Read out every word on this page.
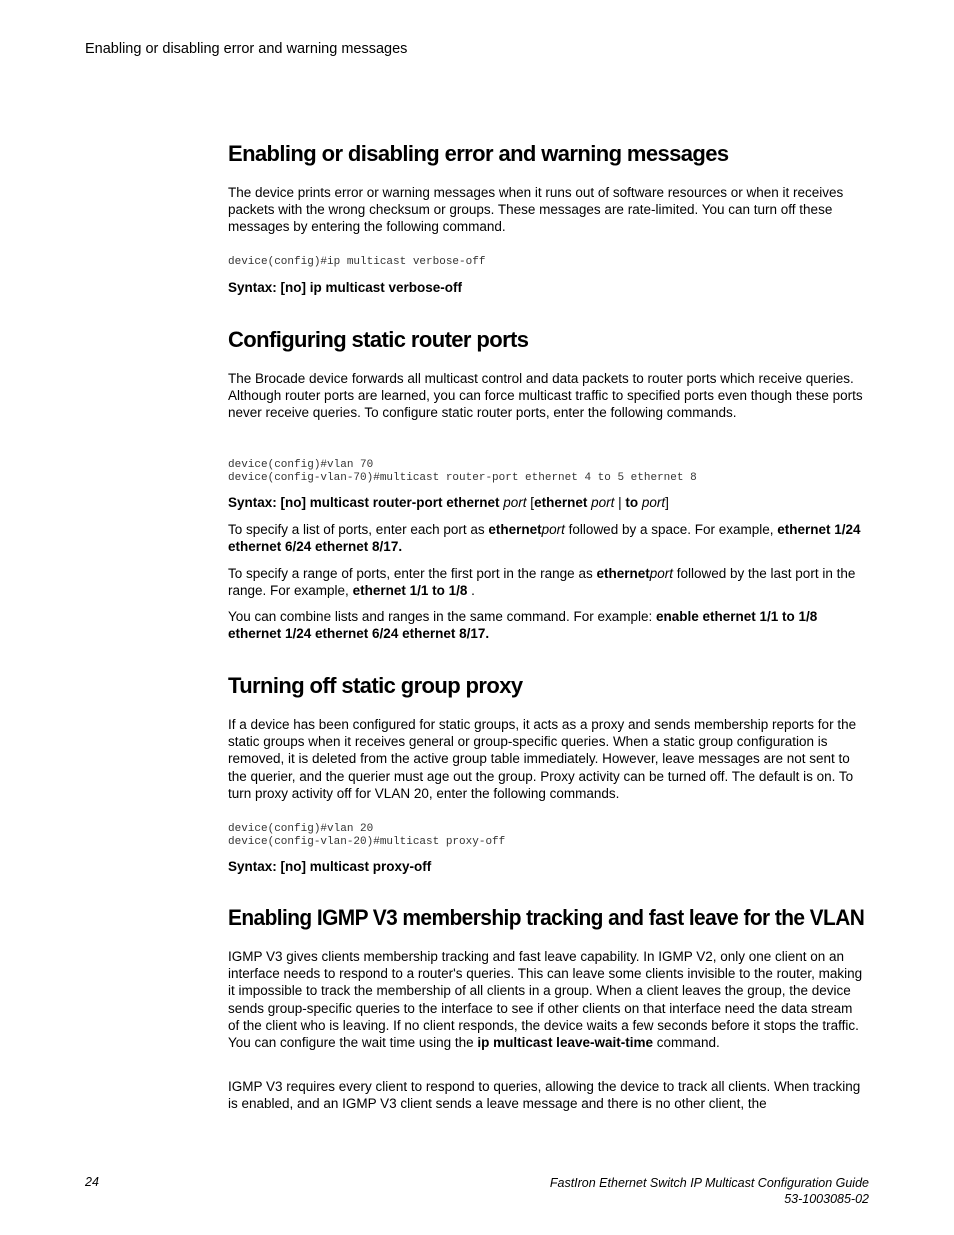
Enabling or disabling error and warning messages
Enabling or disabling error and warning messages

The device prints error or warning messages when it runs out of software resources or when it receives packets with the wrong checksum or groups. These messages are rate-limited. You can turn off these messages by entering the following command.

device(config)#ip multicast verbose-off
Syntax: [no] ip multicast verbose-off
Configuring static router ports

The Brocade device forwards all multicast control and data packets to router ports which receive queries. Although router ports are learned, you can force multicast traffic to specified ports even though these ports never receive queries. To configure static router ports, enter the following commands.

device(config)#vlan 70
device(config-vlan-70)#multicast router-port ethernet 4 to 5 ethernet 8
Syntax: [no] multicast router-port ethernet port [ethernet port | to port]

To specify a list of ports, enter each port as ethernetport followed by a space. For example, ethernet 1/24 ethernet 6/24 ethernet 8/17.

To specify a range of ports, enter the first port in the range as ethernetport followed by the last port in the range. For example, ethernet 1/1 to 1/8 .

You can combine lists and ranges in the same command. For example: enable ethernet 1/1 to 1/8 ethernet 1/24 ethernet 6/24 ethernet 8/17.

Turning off static group proxy

If a device has been configured for static groups, it acts as a proxy and sends membership reports for the static groups when it receives general or group-specific queries. When a static group configuration is removed, it is deleted from the active group table immediately. However, leave messages are not sent to the querier, and the querier must age out the group. Proxy activity can be turned off. The default is on. To turn proxy activity off for VLAN 20, enter the following commands.

device(config)#vlan 20
device(config-vlan-20)#multicast proxy-off
Syntax: [no] multicast proxy-off
Enabling IGMP V3 membership tracking and fast leave for the VLAN

IGMP V3 gives clients membership tracking and fast leave capability. In IGMP V2, only one client on an interface needs to respond to a router's queries. This can leave some clients invisible to the router, making it impossible to track the membership of all clients in a group. When a client leaves the group, the device sends group-specific queries to the interface to see if other clients on that interface need the data stream of the client who is leaving. If no client responds, the device waits a few seconds before it stops the traffic. You can configure the wait time using the ip multicast leave-wait-time command.

IGMP V3 requires every client to respond to queries, allowing the device to track all clients. When tracking is enabled, and an IGMP V3 client sends a leave message and there is no other client, the

24	FastIron Ethernet Switch IP Multicast Configuration Guide
53-1003085-02
